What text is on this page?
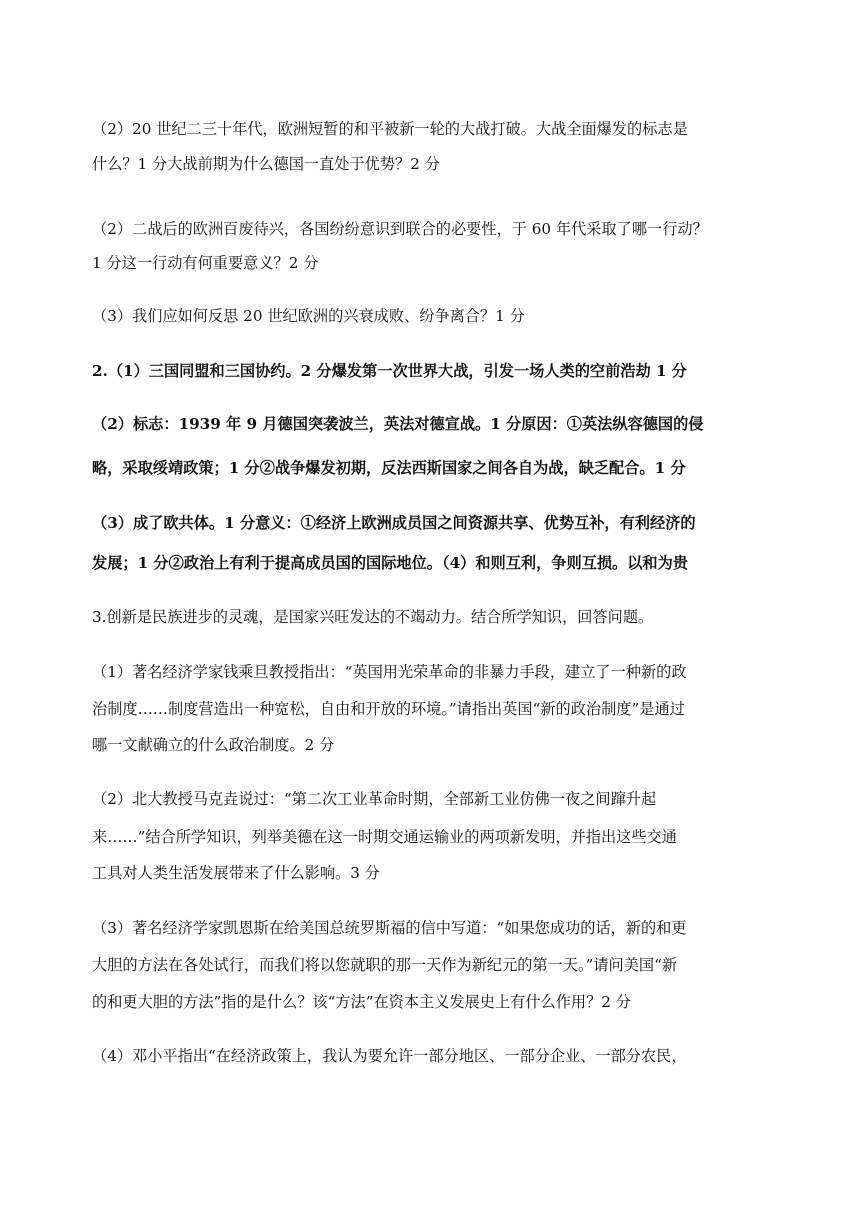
（2）20 世纪二三十年代，欧洲短暂的和平被新一轮的大战打破。大战全面爆发的标志是
什么？1 分大战前期为什么德国一直处于优势？2 分
（2）二战后的欧洲百废待兴，各国纷纷意识到联合的必要性，于 60 年代采取了哪一行动？
1 分这一行动有何重要意义？2 分
（3）我们应如何反思 20 世纪欧洲的兴衰成败、纷争离合？1 分
2.（1）三国同盟和三国协约。2 分爆发第一次世界大战，引发一场人类的空前浩劫 1 分
（2）标志：1939 年 9 月德国突袭波兰，英法对德宣战。1 分原因：①英法纵容德国的侵
略，采取绥靖政策；1 分②战争爆发初期，反法西斯国家之间各自为战，缺乏配合。1 分
（3）成了欧共体。1 分意义：①经济上欧洲成员国之间资源共享、优势互补，有利经济的
发展；1 分②政治上有利于提高成员国的国际地位。（4）和则互利，争则互损。以和为贵
3.创新是民族进步的灵魂，是国家兴旺发达的不竭动力。结合所学知识，回答问题。
（1）著名经济学家钱乘旦教授指出：“英国用光荣革命的非暴力手段，建立了一种新的政
治制度……制度营造出一种宽松，自由和开放的环境。”请指出英国“新的政治制度”是通过
哪一文献确立的什么政治制度。2 分
（2）北大教授马克垚说过：“第二次工业革命时期，全部新工业仿佛一夜之间蹿升起
来……”结合所学知识，列举美德在这一时期交通运输业的两项新发明，并指出这些交通
工具对人类生活发展带来了什么影响。3 分
（3）著名经济学家凯恩斯在给美国总统罗斯福的信中写道：“如果您成功的话，新的和更
大胆的方法在各处试行，而我们将以您就职的那一天作为新纪元的第一天。”请问美国“新
的和更大胆的方法”指的是什么？该“方法”在资本主义发展史上有什么作用？2 分
（4）邓小平指出“在经济政策上，我认为要允许一部分地区、一部分企业、一部分农民，
